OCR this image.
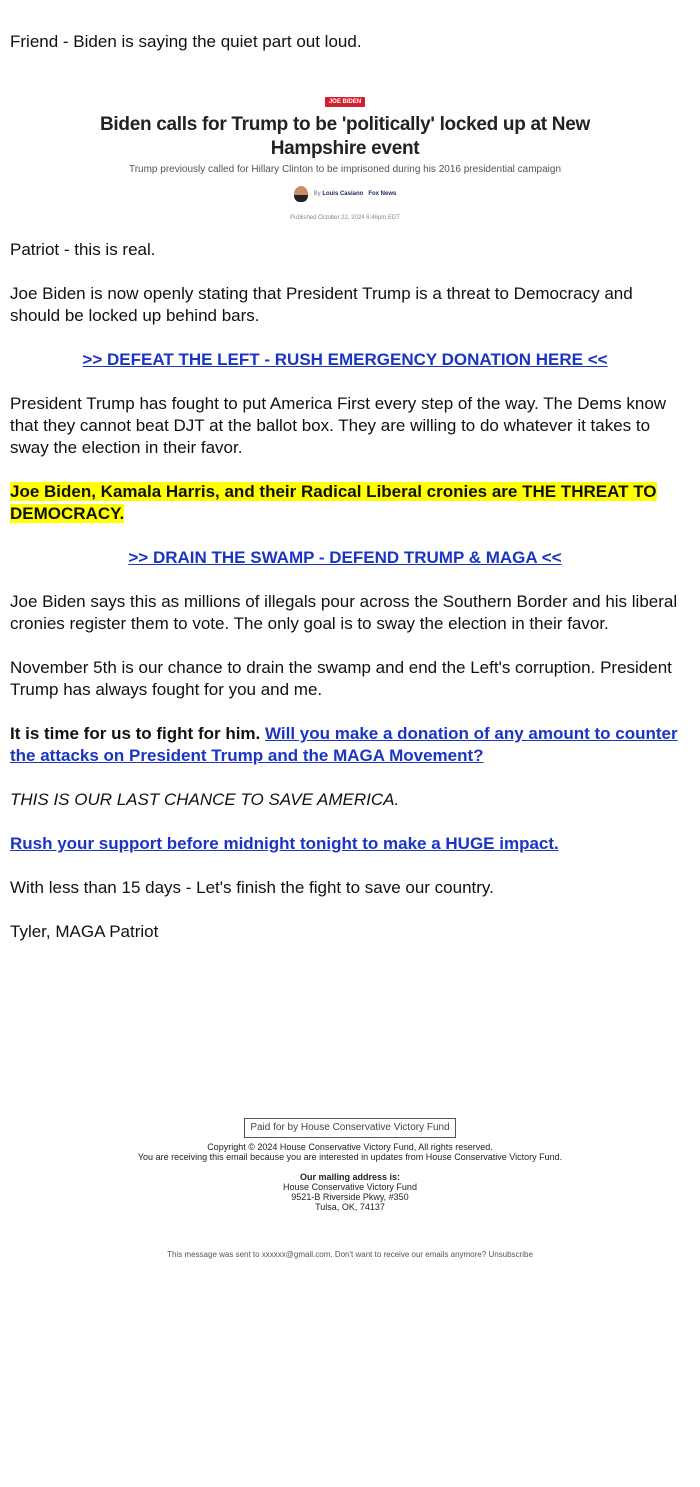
Friend - Biden is saying the quiet part out loud.

JOE BIDEN
Biden calls for Trump to be 'politically' locked up at New Hampshire event
Trump previously called for Hillary Clinton to be imprisoned during his 2016 presidential campaign
By Louis Casiano Fox News
Published October 22, 2024 6:46pm EDT

Patriot - this is real.

Joe Biden is now openly stating that President Trump is a threat to Democracy and should be locked up behind bars.

>> DEFEAT THE LEFT - RUSH EMERGENCY DONATION HERE <<

President Trump has fought to put America First every step of the way. The Dems know that they cannot beat DJT at the ballot box. They are willing to do whatever it takes to sway the election in their favor.

Joe Biden, Kamala Harris, and their Radical Liberal cronies are THE THREAT TO DEMOCRACY.

>> DRAIN THE SWAMP - DEFEND TRUMP & MAGA <<

Joe Biden says this as millions of illegals pour across the Southern Border and his liberal cronies register them to vote. The only goal is to sway the election in their favor.

November 5th is our chance to drain the swamp and end the Left's corruption. President Trump has always fought for you and me.

It is time for us to fight for him. Will you make a donation of any amount to counter the attacks on President Trump and the MAGA Movement?

THIS IS OUR LAST CHANCE TO SAVE AMERICA.

Rush your support before midnight tonight to make a HUGE impact.

With less than 15 days - Let's finish the fight to save our country.

Tyler, MAGA Patriot

Paid for by House Conservative Victory Fund
Copyright © 2024 House Conservative Victory Fund, All rights reserved.
You are receiving this email because you are interested in updates from House Conservative Victory Fund.
Our mailing address is:
House Conservative Victory Fund
9521-B Riverside Pkwy, #350
Tulsa, OK, 74137
This message was sent to xxxxxx@gmail.com. Don't want to receive our emails anymore? Unsubscribe
